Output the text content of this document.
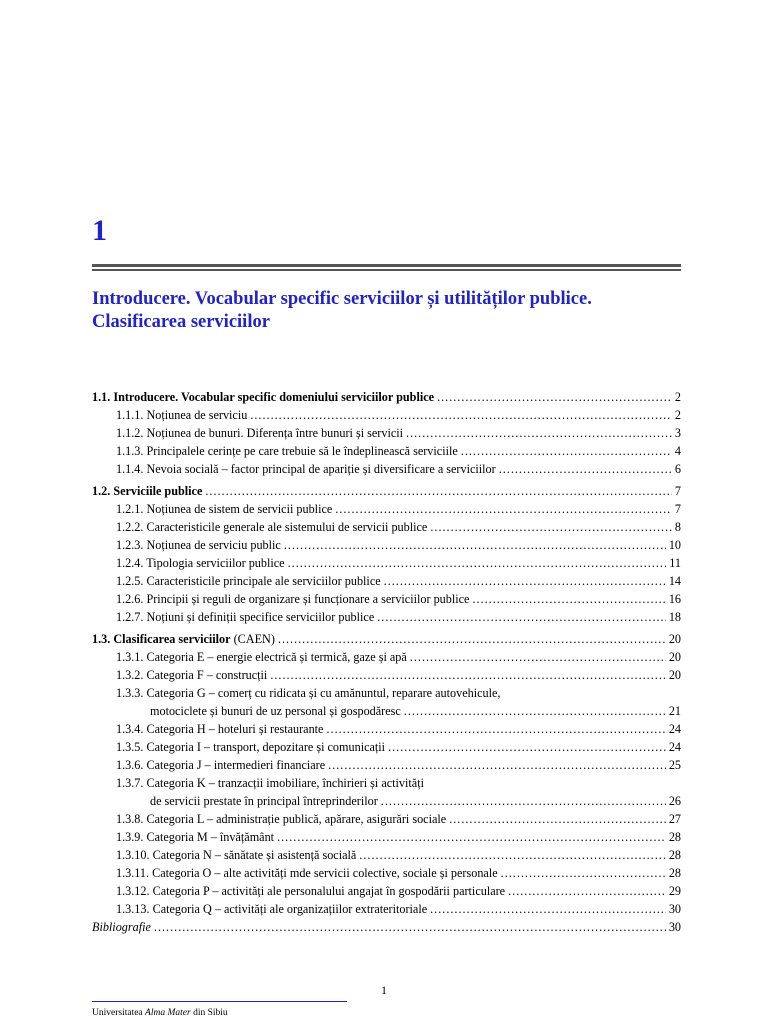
1
Introducere. Vocabular specific serviciilor și utilităților publice.
Clasificarea serviciilor
1.1. Introducere. Vocabular specific domeniului serviciilor publice .....	2
1.1.1. Noțiunea de serviciu .....	2
1.1.2. Noțiunea de bunuri. Diferența între bunuri și servicii .....	3
1.1.3. Principalele cerințe pe care trebuie să le îndeplinească serviciile .....	4
1.1.4. Nevoia socială – factor principal de apariție și diversificare a serviciilor .....	6
1.2. Serviciile publice .....	7
1.2.1. Noțiunea de sistem de servicii publice .....	7
1.2.2. Caracteristicile generale ale sistemului de servicii publice .....	8
1.2.3. Noțiunea de serviciu public .....	10
1.2.4. Tipologia serviciilor publice .....	11
1.2.5. Caracteristicile principale ale serviciilor publice .....	14
1.2.6. Principii și reguli de organizare și funcționare a serviciilor publice .....	16
1.2.7. Noțiuni și definiții specifice serviciilor publice .....	18
1.3. Clasificarea serviciilor (CAEN) .....	20
1.3.1. Categoria E – energie electrică și termică, gaze și apă .....	20
1.3.2. Categoria F – construcții .....	20
1.3.3. Categoria G – comerț cu ridicata și cu amănuntul, reparare autovehicule,
motociclete și bunuri de uz personal și gospodăresc .....	21
1.3.4. Categoria H – hoteluri și restaurante .....	24
1.3.5. Categoria I – transport, depozitare și comunicații .....	24
1.3.6. Categoria J – intermedieri financiare .....	25
1.3.7. Categoria K – tranzacții imobiliare, închirieri și activități
de servicii prestate în principal întreprinderilor .....	26
1.3.8. Categoria L – administrație publică, apărare, asigurări sociale .....	27
1.3.9. Categoria M – învățământ .....	28
1.3.10. Categoria N – sănătate și asistență socială .....	28
1.3.11. Categoria O – alte activități mde servicii colective, sociale și personale .....	28
1.3.12. Categoria P – activități ale personalului angajat în gospodării particulare .....	29
1.3.13. Categoria Q – activități ale organizațiilor extrateritoriale .....	30
Bibliografie .....	30
1
Universitatea Alma Mater din Sibiu
